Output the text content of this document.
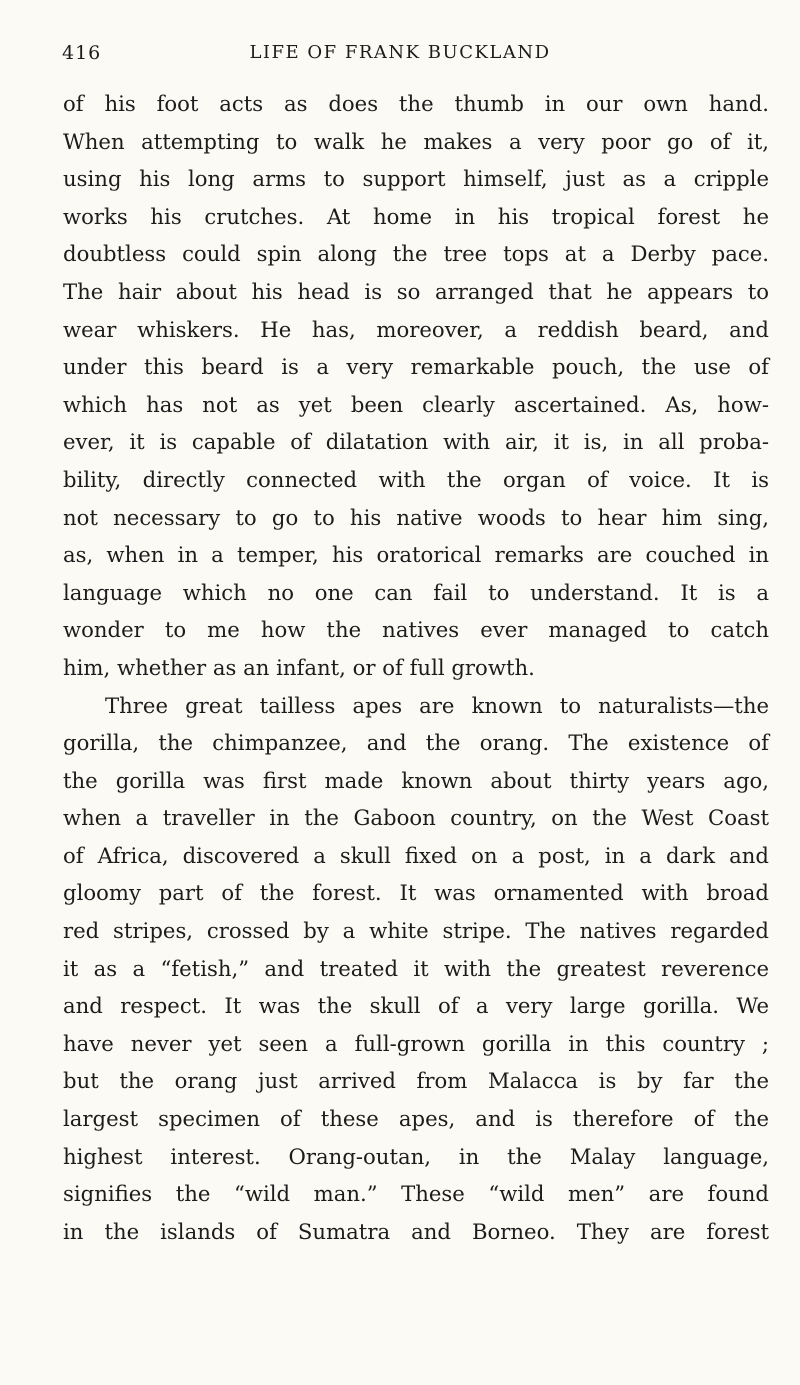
416	LIFE OF FRANK BUCKLAND
of his foot acts as does the thumb in our own hand.
When attempting to walk he makes a very poor go of it,
using his long arms to support himself, just as a cripple
works his crutches. At home in his tropical forest he
doubtless could spin along the tree tops at a Derby pace.
The hair about his head is so arranged that he appears to
wear whiskers. He has, moreover, a reddish beard, and
under this beard is a very remarkable pouch, the use of
which has not as yet been clearly ascertained. As, how-
ever, it is capable of dilatation with air, it is, in all proba-
bility, directly connected with the organ of voice. It is
not necessary to go to his native woods to hear him sing,
as, when in a temper, his oratorical remarks are couched in
language which no one can fail to understand. It is a
wonder to me how the natives ever managed to catch
him, whether as an infant, or of full growth.
Three great tailless apes are known to naturalists—the
gorilla, the chimpanzee, and the orang. The existence of
the gorilla was first made known about thirty years ago,
when a traveller in the Gaboon country, on the West Coast
of Africa, discovered a skull fixed on a post, in a dark and
gloomy part of the forest. It was ornamented with broad
red stripes, crossed by a white stripe. The natives regarded
it as a “fetish,” and treated it with the greatest reverence
and respect. It was the skull of a very large gorilla. We
have never yet seen a full-grown gorilla in this country ;
but the orang just arrived from Malacca is by far the
largest specimen of these apes, and is therefore of the
highest interest. Orang-outan, in the Malay language,
signifies the “wild man.” These “wild men” are found
in the islands of Sumatra and Borneo. They are forest
